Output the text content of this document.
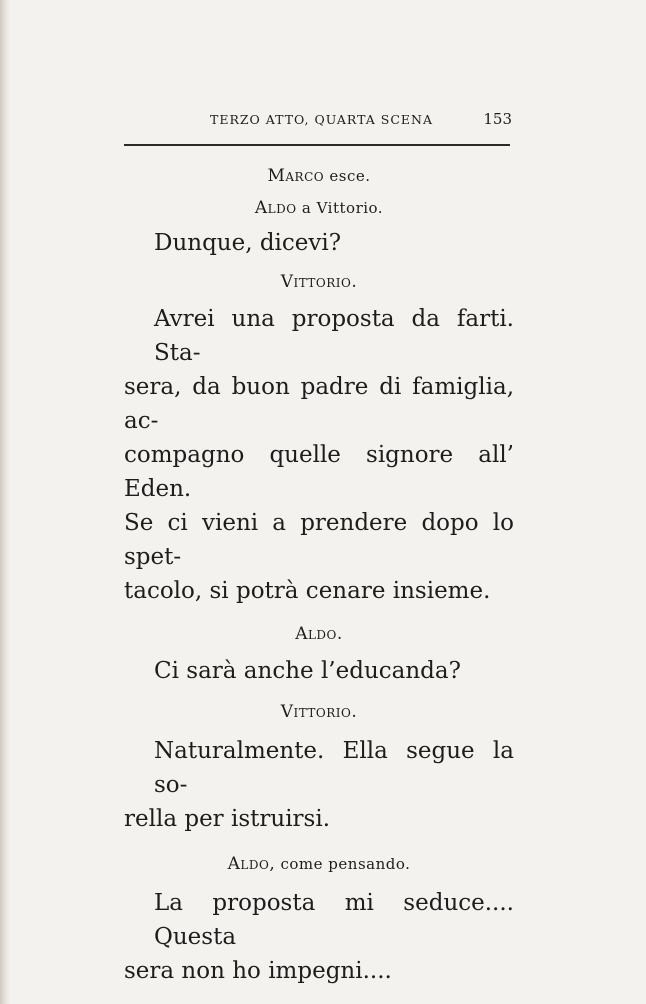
TERZO ATTO, QUARTA SCENA	153
Marco esce.
Aldo a Vittorio.

Dunque, dicevi?

Vittorio.

Avrei una proposta da farti. Sta-
sera, da buon padre di famiglia, ac-
compagno quelle signore all’ Eden.
Se ci vieni a prendere dopo lo spet-
tacolo, si potrà cenare insieme.

Aldo.

Ci sarà anche l’educanda?

Vittorio.

Naturalmente. Ella segue la so-
rella per istruirsi.

Aldo, come pensando.

La proposta mi seduce.... Questa
sera non ho impegni....
